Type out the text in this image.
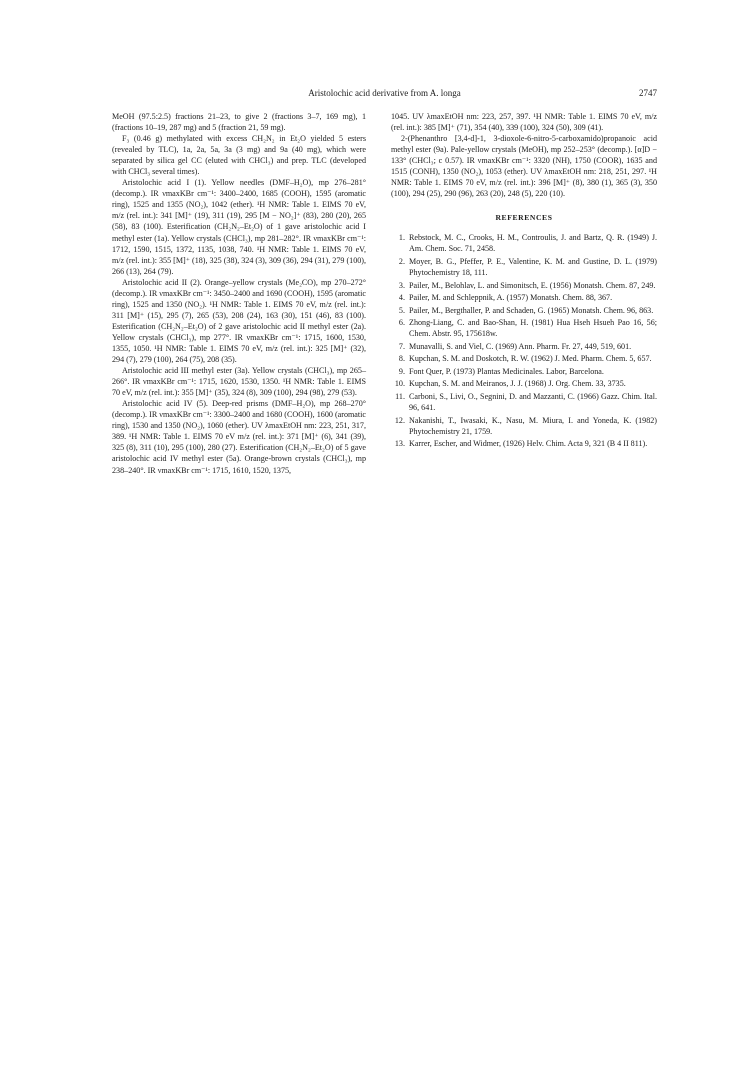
Aristolochic acid derivative from A. longa	2747

MeOH (97.5:2.5) fractions 21–23, to give 2 (fractions 3–7, 169 mg), 1 (fractions 10–19, 287 mg) and 5 (fraction 21, 59 mg).

F₃ (0.46 g) methylated with excess CH₂N₂ in Et₂O yielded 5 esters (revealed by TLC), 1a, 2a, 5a, 3a (3 mg) and 9a (40 mg), which were separated by silica gel CC (eluted with CHCl₃) and prep. TLC (developed with CHCl₃ several times).

Aristolochic acid I (1). Yellow needles (DMF–H₂O), mp 276–281° (decomp.). IR νmaxKBr cm⁻¹: 3400–2400, 1685 (COOH), 1595 (aromatic ring), 1525 and 1355 (NO₂), 1042 (ether). ¹H NMR: Table 1. EIMS 70 eV, m/z (rel. int.): 341 [M]⁺ (19), 311 (19), 295 [M − NO₂]⁺ (83), 280 (20), 265 (58), 83 (100). Esterification (CH₂N₂–Et₂O) of 1 gave aristolochic acid I methyl ester (1a). Yellow crystals (CHCl₃), mp 281–282°. IR νmaxKBr cm⁻¹: 1712, 1590, 1515, 1372, 1135, 1038, 740. ¹H NMR: Table 1. EIMS 70 eV, m/z (rel. int.): 355 [M]⁺ (18), 325 (38), 324 (3), 309 (36), 294 (31), 279 (100), 266 (13), 264 (79).

Aristolochic acid II (2). Orange–yellow crystals (Me₂CO), mp 270–272° (decomp.). IR νmaxKBr cm⁻¹: 3450–2400 and 1690 (COOH), 1595 (aromatic ring), 1525 and 1350 (NO₂). ¹H NMR: Table 1. EIMS 70 eV, m/z (rel. int.): 311 [M]⁺ (15), 295 (7), 265 (53), 208 (24), 163 (30), 151 (46), 83 (100). Esterification (CH₂N₂–Et₂O) of 2 gave aristolochic acid II methyl ester (2a). Yellow crystals (CHCl₃), mp 277°. IR νmaxKBr cm⁻¹: 1715, 1600, 1530, 1355, 1050. ¹H NMR: Table 1. EIMS 70 eV, m/z (rel. int.): 325 [M]⁺ (32), 294 (7), 279 (100), 264 (75), 208 (35).

Aristolochic acid III methyl ester (3a). Yellow crystals (CHCl₃), mp 265–266°. IR νmaxKBr cm⁻¹: 1715, 1620, 1530, 1350. ¹H NMR: Table 1. EIMS 70 eV, m/z (rel. int.): 355 [M]⁺ (35), 324 (8), 309 (100), 294 (98), 279 (53).

Aristolochic acid IV (5). Deep-red prisms (DMF–H₂O), mp 268–270° (decomp.). IR νmaxKBr cm⁻¹: 3300–2400 and 1680 (COOH), 1600 (aromatic ring), 1530 and 1350 (NO₂), 1060 (ether). UV λmaxEtOH nm: 223, 251, 317, 389. ¹H NMR: Table 1. EIMS 70 eV m/z (rel. int.): 371 [M]⁺ (6), 341 (39), 325 (8), 311 (10), 295 (100), 280 (27). Esterification (CH₂N₂–Et₂O) of 5 gave aristolochic acid IV methyl ester (5a). Orange-brown crystals (CHCl₃), mp 238–240°. IR νmaxKBr cm⁻¹: 1715, 1610, 1520, 1375,

1045. UV λmaxEtOH nm: 223, 257, 397. ¹H NMR: Table 1. EIMS 70 eV, m/z (rel. int.): 385 [M]⁺ (71), 354 (40), 339 (100), 324 (50), 309 (41).

2-(Phenanthro [3,4-d]-1, 3-dioxole-6-nitro-5-carboxamido)propanoic acid methyl ester (9a). Pale-yellow crystals (MeOH), mp 252–253° (decomp.). [α]D − 133° (CHCl₃; c 0.57). IR νmaxKBr cm⁻¹: 3320 (NH), 1750 (COOR), 1635 and 1515 (CONH), 1350 (NO₂), 1053 (ether). UV λmaxEtOH nm: 218, 251, 297. ¹H NMR: Table 1. EIMS 70 eV, m/z (rel. int.): 396 [M]⁺ (8), 380 (1), 365 (3), 350 (100), 294 (25), 290 (96), 263 (20), 248 (5), 220 (10).

REFERENCES
1. Rebstock, M. C., Crooks, H. M., Controulis, J. and Bartz, Q. R. (1949) J. Am. Chem. Soc. 71, 2458.
2. Moyer, B. G., Pfeffer, P. E., Valentine, K. M. and Gustine, D. L. (1979) Phytochemistry 18, 111.
3. Pailer, M., Belohlav, L. and Simonitsch, E. (1956) Monatsh. Chem. 87, 249.
4. Pailer, M. and Schleppnik, A. (1957) Monatsh. Chem. 88, 367.
5. Pailer, M., Bergthaller, P. and Schaden, G. (1965) Monatsh. Chem. 96, 863.
6. Zhong-Liang, C. and Bao-Shan, H. (1981) Hua Hseh Hsueh Pao 16, 56; Chem. Abstr. 95, 175618w.
7. Munavalli, S. and Viel, C. (1969) Ann. Pharm. Fr. 27, 449, 519, 601.
8. Kupchan, S. M. and Doskotch, R. W. (1962) J. Med. Pharm. Chem. 5, 657.
9. Font Quer, P. (1973) Plantas Medicinales. Labor, Barcelona.
10. Kupchan, S. M. and Meiranos, J. J. (1968) J. Org. Chem. 33, 3735.
11. Carboni, S., Livi, O., Segnini, D. and Mazzanti, C. (1966) Gazz. Chim. Ital. 96, 641.
12. Nakanishi, T., Iwasaki, K., Nasu, M. Miura, I. and Yoneda, K. (1982) Phytochemistry 21, 1759.
13. Karrer, Escher, and Widmer, (1926) Helv. Chim. Acta 9, 321 (B 4 II 811).
